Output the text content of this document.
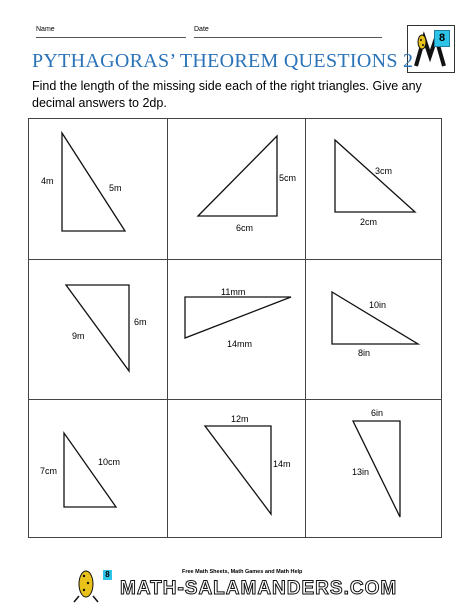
Name	Date
8
PYTHAGORAS’ THEOREM QUESTIONS 2
Find the length of the missing side each of the right triangles. Give any decimal answers to 2dp.
4m
5m
5cm
6cm
3cm
2cm
6m
9m
11mm
14mm
10in
8in
7cm
10cm
12m
14m
6in
13in
8	Free Math Sheets, Math Games and Math Help
MATH-SALAMANDERS.COM
